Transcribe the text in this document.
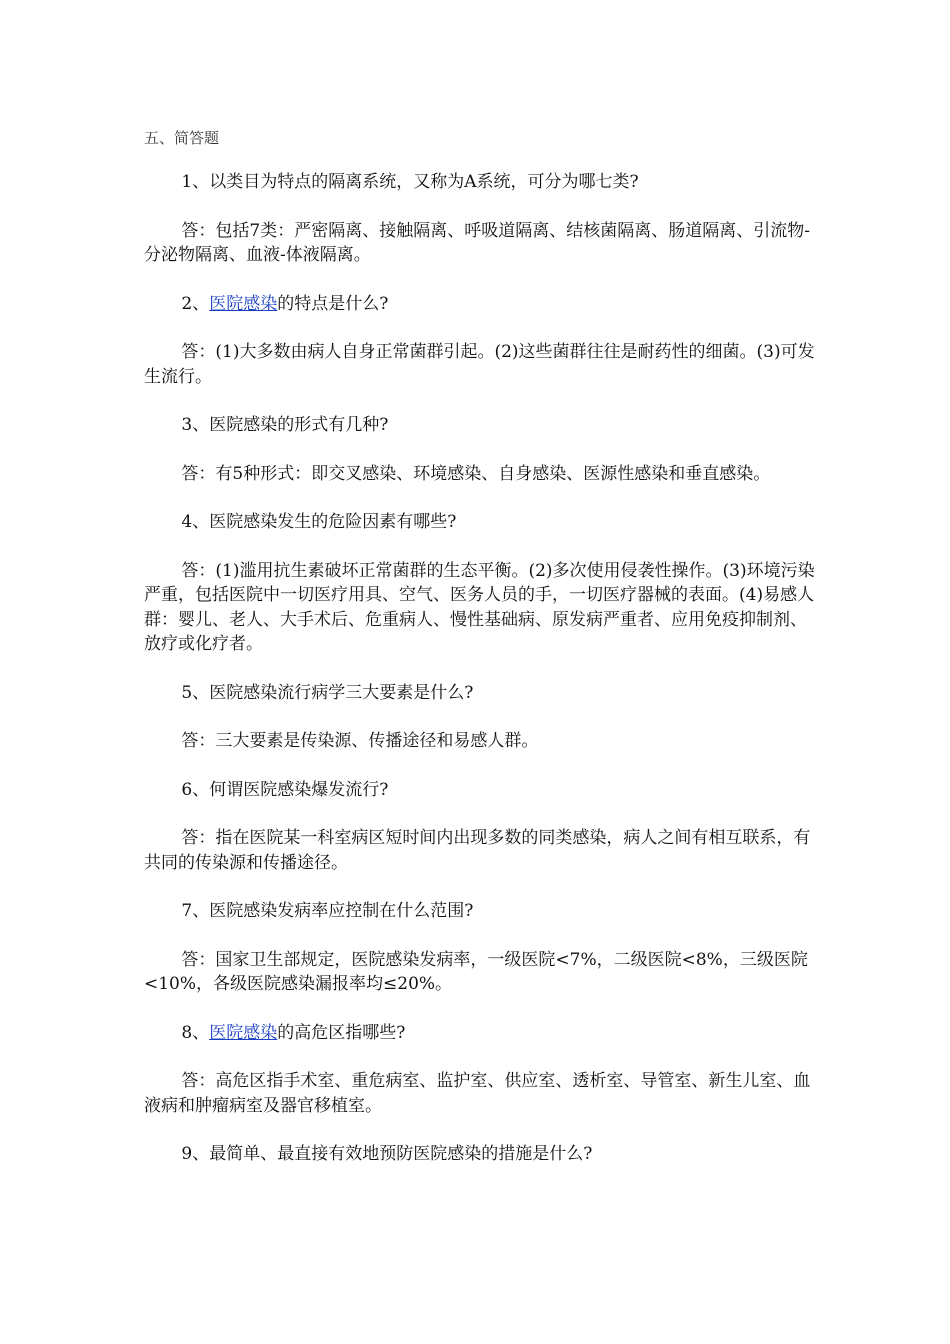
五、简答题

1、以类目为特点的隔离系统，又称为A系统，可分为哪七类?

答：包括7类：严密隔离、接触隔离、呼吸道隔离、结核菌隔离、肠道隔离、引流物-分泌物隔离、血液-体液隔离。

2、医院感染的特点是什么?

答：(1)大多数由病人自身正常菌群引起。(2)这些菌群往往是耐药性的细菌。(3)可发生流行。

3、医院感染的形式有几种?

答：有5种形式：即交叉感染、环境感染、自身感染、医源性感染和垂直感染。

4、医院感染发生的危险因素有哪些?

答：(1)滥用抗生素破坏正常菌群的生态平衡。(2)多次使用侵袭性操作。(3)环境污染严重，包括医院中一切医疗用具、空气、医务人员的手，一切医疗器械的表面。(4)易感人群：婴儿、老人、大手术后、危重病人、慢性基础病、原发病严重者、应用免疫抑制剂、放疗或化疗者。

5、医院感染流行病学三大要素是什么?

答：三大要素是传染源、传播途径和易感人群。

6、何谓医院感染爆发流行?

答：指在医院某一科室病区短时间内出现多数的同类感染，病人之间有相互联系，有共同的传染源和传播途径。

7、医院感染发病率应控制在什么范围?

答：国家卫生部规定，医院感染发病率，一级医院<7%，二级医院<8%，三级医院<10%，各级医院感染漏报率均≤20%。

8、医院感染的高危区指哪些?

答：高危区指手术室、重危病室、监护室、供应室、透析室、导管室、新生儿室、血液病和肿瘤病室及器官移植室。

9、最简单、最直接有效地预防医院感染的措施是什么?
